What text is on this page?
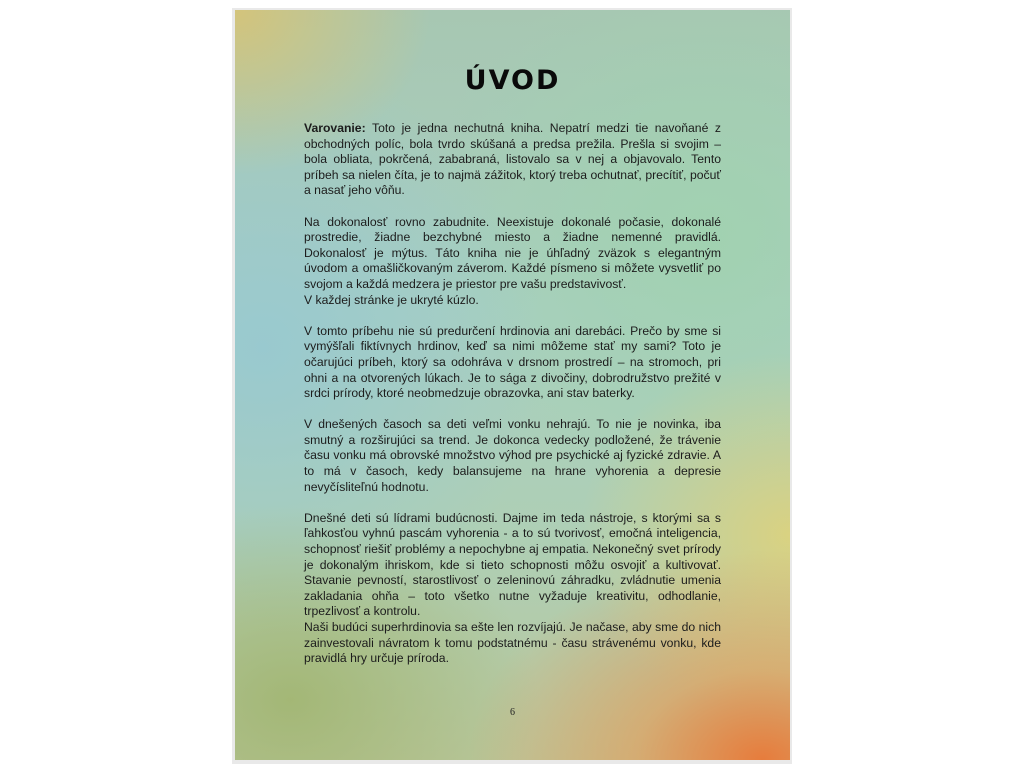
ÚVOD

Varovanie: Toto je jedna nechutná kniha. Nepatrí medzi tie navoňané z obchodných políc, bola tvrdo skúšaná a predsa prežila. Prešla si svojim – bola obliata, pokrčená, zababraná, listovalo sa v nej a objavovalo. Tento príbeh sa nielen číta, je to najmä zážitok, ktorý treba ochutnať, precítiť, počuť a nasať jeho vôňu.

Na dokonalosť rovno zabudnite. Neexistuje dokonalé počasie, dokonalé prostredie, žiadne bezchybné miesto a žiadne nemenné pravidlá. Dokonalosť je mýtus. Táto kniha nie je úhľadný zväzok s elegantným úvodom a omašličkovaným záverom. Každé písmeno si môžete vysvetliť po svojom a každá medzera je priestor pre vašu predstavivosť.

V každej stránke je ukryté kúzlo.

V tomto príbehu nie sú predurčení hrdinovia ani darebáci. Prečo by sme si vymýšľali fiktívnych hrdinov, keď sa nimi môžeme stať my sami? Toto je očarujúci príbeh, ktorý sa odohráva v drsnom prostredí – na stromoch, pri ohni a na otvorených lúkach. Je to sága z divočiny, dobrodružstvo prežité v srdci prírody, ktoré neobmedzuje obrazovka, ani stav baterky.

V dnešených časoch sa deti veľmi vonku nehrajú. To nie je novinka, iba smutný a rozširujúci sa trend. Je dokonca vedecky podložené, že trávenie času vonku má obrovské množstvo výhod pre psychické aj fyzické zdravie. A to má v časoch, kedy balansujeme na hrane vyhorenia a depresie nevyčísliteľnú hodnotu.

Dnešné deti sú lídrami budúcnosti. Dajme im teda nástroje, s ktorými sa s ľahkosťou vyhnú pascám vyhorenia - a to sú tvorivosť, emočná inteligencia, schopnosť riešiť problémy a nepochybne aj empatia. Nekonečný svet prírody je dokonalým ihriskom, kde si tieto schopnosti môžu osvojiť a kultivovať. Stavanie pevností, starostlivosť o zeleninovú záhradku, zvládnutie umenia zakladania ohňa – toto všetko nutne vyžaduje kreativitu, odhodlanie, trpezlivosť a kontrolu.

Naši budúci superhrdinovia sa ešte len rozvíjajú. Je načase, aby sme do nich zainvestovali návratom k tomu podstatnému - času strávenému vonku, kde pravidlá hry určuje príroda.

6
